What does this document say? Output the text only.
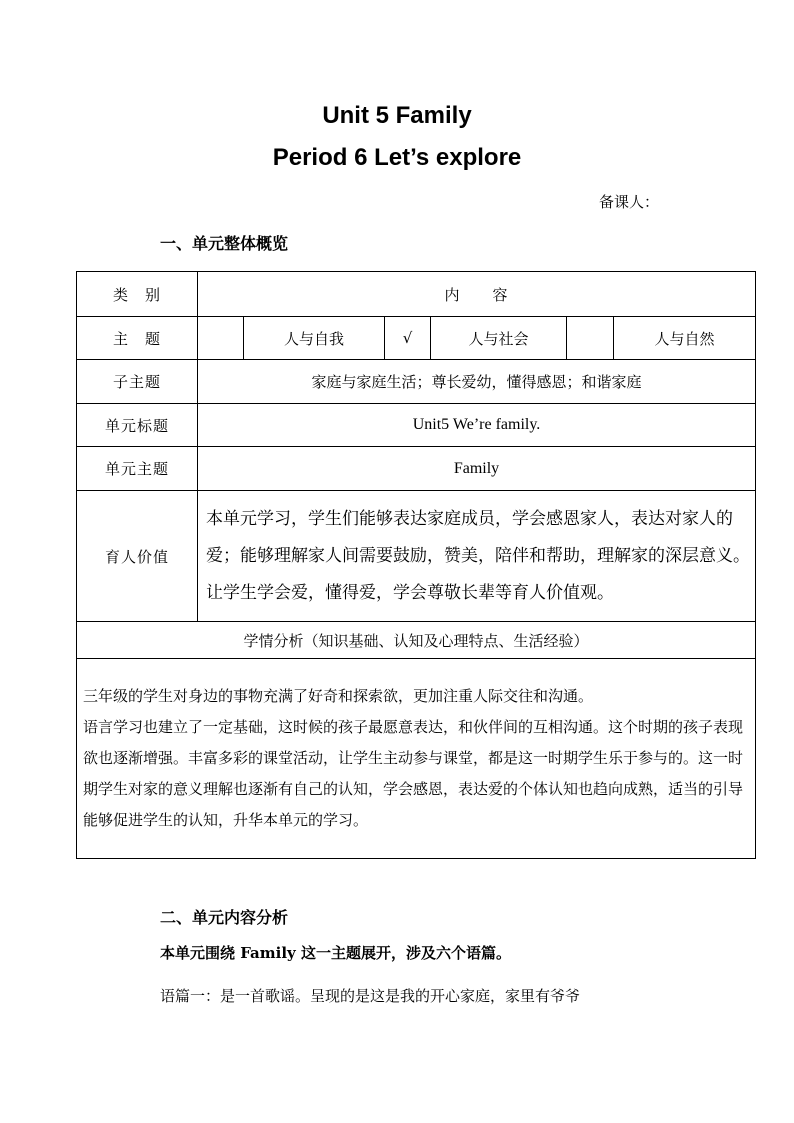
Unit 5 Family
Period 6 Let’s explore
备课人：
一、单元整体概览
类　别	内　　容					
主　题		人与自我	√	人与社会		人与自然
子主题	家庭与家庭生活；尊长爱幼，懂得感恩；和谐家庭					
单元标题	Unit5 We’re family.					
单元主题	Family					
育人价值	本单元学习，学生们能够表达家庭成员，学会感恩家人，表达对家人的爱；能够理解家人间需要鼓励，赞美，陪伴和帮助，理解家的深层意义。让学生学会爱，懂得爱，学会尊敬长辈等育人价值观。					
学情分析（知识基础、认知及心理特点、生活经验）						

三年级的学生对身边的事物充满了好奇和探索欲，更加注重人际交往和沟通。
语言学习也建立了一定基础，这时候的孩子最愿意表达，和伙伴间的互相沟通。这个时期的孩子表现欲也逐渐增强。丰富多彩的课堂活动，让学生主动参与课堂，都是这一时期学生乐于参与的。这一时期学生对家的意义理解也逐渐有自己的认知，学会感恩，表达爱的个体认知也趋向成熟，适当的引导能够促进学生的认知，升华本单元的学习。						
二、单元内容分析
本单元围绕 Family 这一主题展开，涉及六个语篇。
语篇一：是一首歌谣。呈现的是这是我的开心家庭，家里有爷爷
